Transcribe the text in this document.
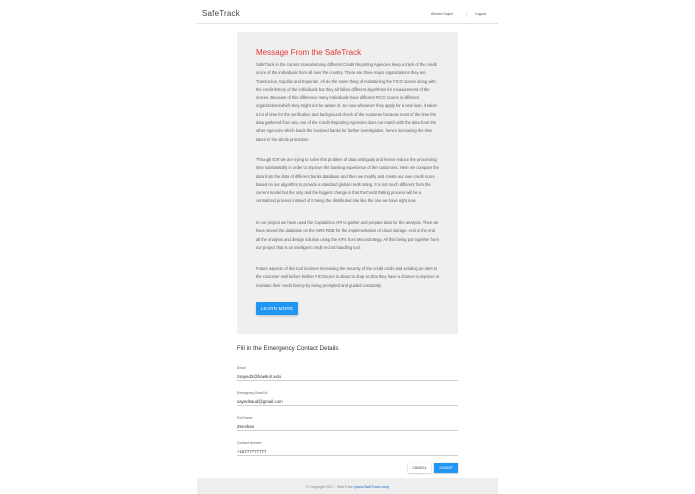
SafeTrack	Ahmed Sajed	| Logout
Message From the SafeTrack

SafeTrack in the current scenariomany different Credit Reporting Agencies keep a track of the credit score of the individuals from all over the country. There are three major organizations they are TransUnion, Equifax and Experian. All do the same thing of maintaining the FICO scores along with the credit history of the individuals but they all follow different algorithms for measurement of the scores. Because of this difference many individuals have different FICO scores in different organizationswhich they might not be aware of. So now whenever they apply for a new loan, it takes a lot of time for the verification and background check of the customer because most of the time the data gathered from any one of the Credit Reporting Agencies does not match with the data from the other Agencies which leads the involved banks for further investigation, hence increasing the time taken in the whole procedure.

Through ICR we are trying to solve this problem of data ambiguity and hence reduce the processing time substantially in order to improve the banking experience of the customers. Here we compare the data from the data of different banks database and then we modify and create our own credit score based on our algorithm to provide a standard global credit rating. It is not much different from the current model but the only and the biggest change is that theCredit Rating process will be a centralized process instead of it being the distributed one like the one we have right now.

In our project we have used the CapitalOne API to gather and prepare data for the analysis. Then we have stored the database on the AWS RDB for the implementation of cloud storage. And in the end all the analysis and design solution using the APIs from Microstrategy. All this being put together form our project that is an intelligent credit record handling tool.

Future aspects of this tool involves increasing the security of the credit cards and sending an alert to the customer well before his/her FICOscore is about to drop so that they have a chance to improve or maintain their credit history by being prompted and guided constantly.

LEARN MORE
Fill in the Emergency Contact Details
Email
zsayed2@hawk.iit.edu
Emergency Email Id
sayedsaud@gmail.com
Full Name
Zeeshan
Contact Number
+16777777777
CANCEL	SUBMIT
© Copyright 2017 - SafeTrack (www.SafeTrack.com)
